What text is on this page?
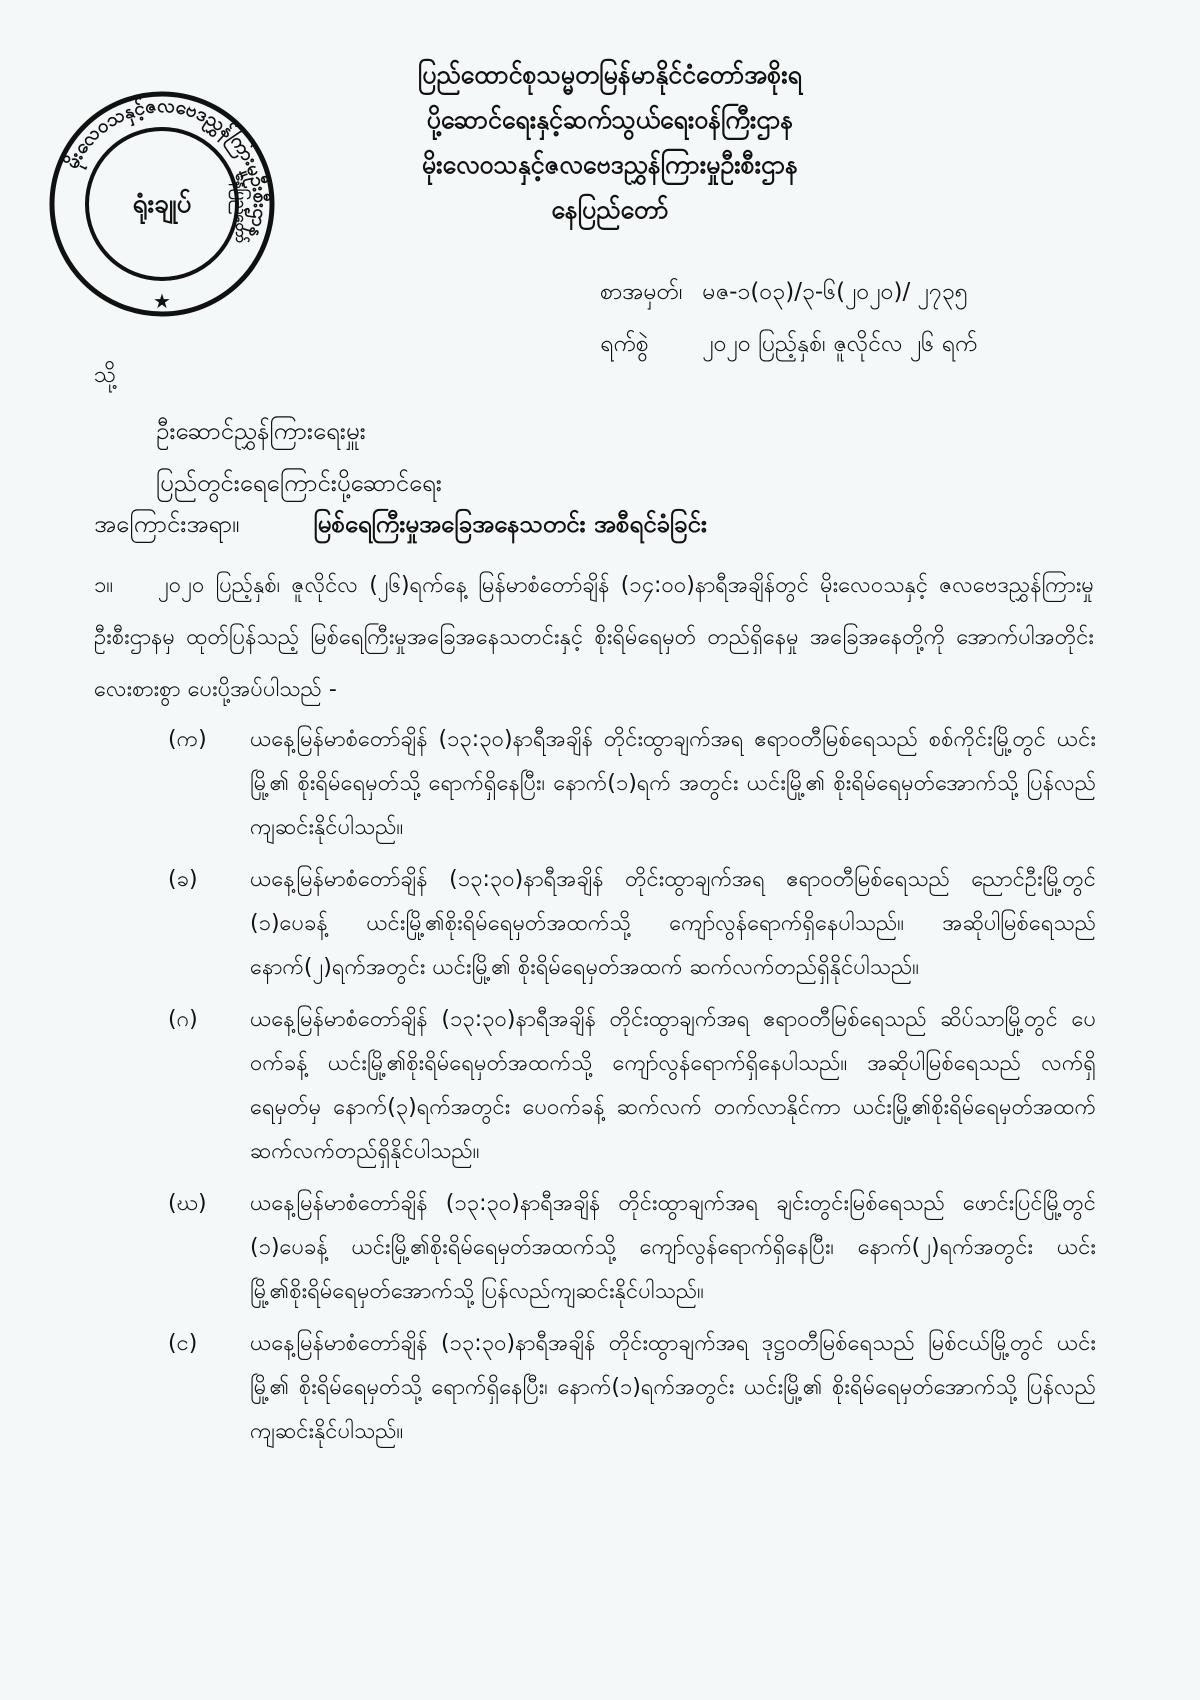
မိုးလေဝသနှင့်ဇလဗေဒညွှန်ကြားမှုဦးစီးဌာန
ရုံးချုပ်	နေပြည်တော်
★
ပြည်ထောင်စုသမ္မတမြန်မာနိုင်ငံတော်အစိုးရ
ပို့ဆောင်ရေးနှင့်ဆက်သွယ်ရေးဝန်ကြီးဌာန
မိုးလေဝသနှင့်ဇလဗေဒညွှန်ကြားမှုဦးစီးဌာန
နေပြည်တော်
စာအမှတ်၊ မဇ-၁(၀၃)/၃-၆(၂၀၂၀)/ ၂၇၃၅
ရက်စွဲ ၂၀၂၀ ပြည့်နှစ်၊ ဇူလိုင်လ ၂၆ ရက်
သို့
ဦးဆောင်ညွှန်ကြားရေးမှူး
ပြည်တွင်းရေကြောင်းပို့ဆောင်ရေး
အကြောင်းအရာ။	မြစ်ရေကြီးမှုအခြေအနေသတင်း အစီရင်ခံခြင်း
၁။ ၂၀၂၀ ပြည့်နှစ်၊ ဇူလိုင်လ (၂၆)ရက်နေ့ မြန်မာစံတော်ချိန် (၁၄:၀၀)နာရီအချိန်တွင် မိုးလေဝသနှင့် ဇလဗေဒညွှန်ကြားမှုဦးစီးဌာနမှ ထုတ်ပြန်သည့် မြစ်ရေကြီးမှုအခြေအနေသတင်းနှင့် စိုးရိမ်ရေမှတ် တည်ရှိနေမှု အခြေအနေတို့ကို အောက်ပါအတိုင်း လေးစားစွာ ပေးပို့အပ်ပါသည် -
(က)	ယနေ့မြန်မာစံတော်ချိန် (၁၃:၃၀)နာရီအချိန် တိုင်းထွာချက်အရ ဧရာဝတီမြစ်ရေသည် စစ်ကိုင်းမြို့တွင် ယင်းမြို့၏ စိုးရိမ်ရေမှတ်သို့ ရောက်ရှိနေပြီး၊ နောက်(၁)ရက် အတွင်း ယင်းမြို့၏ စိုးရိမ်ရေမှတ်အောက်သို့ ပြန်လည်ကျဆင်းနိုင်ပါသည်။
(ခ)	ယနေ့မြန်မာစံတော်ချိန် (၁၃:၃၀)နာရီအချိန် တိုင်းထွာချက်အရ ဧရာဝတီမြစ်ရေသည် ညောင်ဦးမြို့တွင် (၁)ပေခန့် ယင်းမြို့၏စိုးရိမ်ရေမှတ်အထက်သို့ ကျော်လွန်ရောက်ရှိနေပါသည်။ အဆိုပါမြစ်ရေသည် နောက်(၂)ရက်အတွင်း ယင်းမြို့၏ စိုးရိမ်ရေမှတ်အထက် ဆက်လက်တည်ရှိနိုင်ပါသည်။
(ဂ)	ယနေ့မြန်မာစံတော်ချိန် (၁၃:၃၀)နာရီအချိန် တိုင်းထွာချက်အရ ဧရာဝတီမြစ်ရေသည် ဆိပ်သာမြို့တွင် ပေဝက်ခန့် ယင်းမြို့၏စိုးရိမ်ရေမှတ်အထက်သို့ ကျော်လွန်ရောက်ရှိနေပါသည်။ အဆိုပါမြစ်ရေသည် လက်ရှိရေမှတ်မှ နောက်(၃)ရက်အတွင်း ပေဝက်ခန့် ဆက်လက် တက်လာနိုင်ကာ ယင်းမြို့၏စိုးရိမ်ရေမှတ်အထက် ဆက်လက်တည်ရှိနိုင်ပါသည်။
(ဃ)	ယနေ့မြန်မာစံတော်ချိန် (၁၃:၃၀)နာရီအချိန် တိုင်းထွာချက်အရ ချင်းတွင်းမြစ်ရေသည် ဖောင်းပြင်မြို့တွင် (၁)ပေခန့် ယင်းမြို့၏စိုးရိမ်ရေမှတ်အထက်သို့ ကျော်လွန်ရောက်ရှိနေပြီး၊ နောက်(၂)ရက်အတွင်း ယင်းမြို့၏စိုးရိမ်ရေမှတ်အောက်သို့ ပြန်လည်ကျဆင်းနိုင်ပါသည်။
(င)	ယနေ့မြန်မာစံတော်ချိန် (၁၃:၃၀)နာရီအချိန် တိုင်းထွာချက်အရ ဒုဋ္ဌဝတီမြစ်ရေသည် မြစ်ငယ်မြို့တွင် ယင်းမြို့၏ စိုးရိမ်ရေမှတ်သို့ ရောက်ရှိနေပြီး၊ နောက်(၁)ရက်အတွင်း ယင်းမြို့၏ စိုးရိမ်ရေမှတ်အောက်သို့ ပြန်လည်ကျဆင်းနိုင်ပါသည်။
